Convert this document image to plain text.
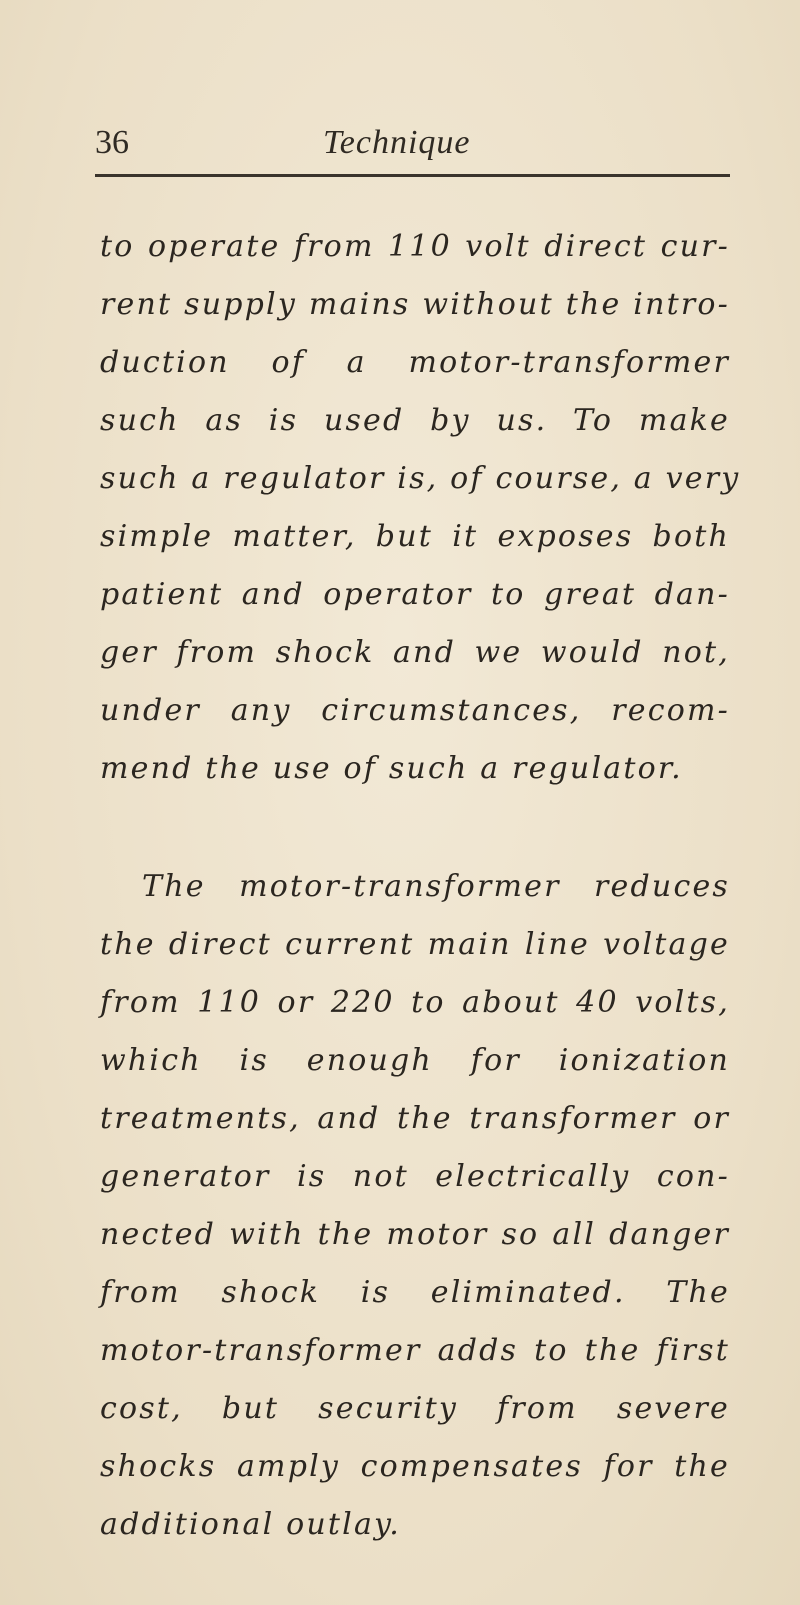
36	Technique
to operate from 110 volt direct cur-
rent supply mains without the intro-
duction of a motor-transformer
such as is used by us. To make
such a regulator is, of course, a very
simple matter, but it exposes both
patient and operator to great dan-
ger from shock and we would not,
under any circumstances, recom-
mend the use of such a regulator.
The motor-transformer reduces
the direct current main line voltage
from 110 or 220 to about 40 volts,
which is enough for ionization
treatments, and the transformer or
generator is not electrically con-
nected with the motor so all danger
from shock is eliminated. The
motor-transformer adds to the first
cost, but security from severe
shocks amply compensates for the
additional outlay.
